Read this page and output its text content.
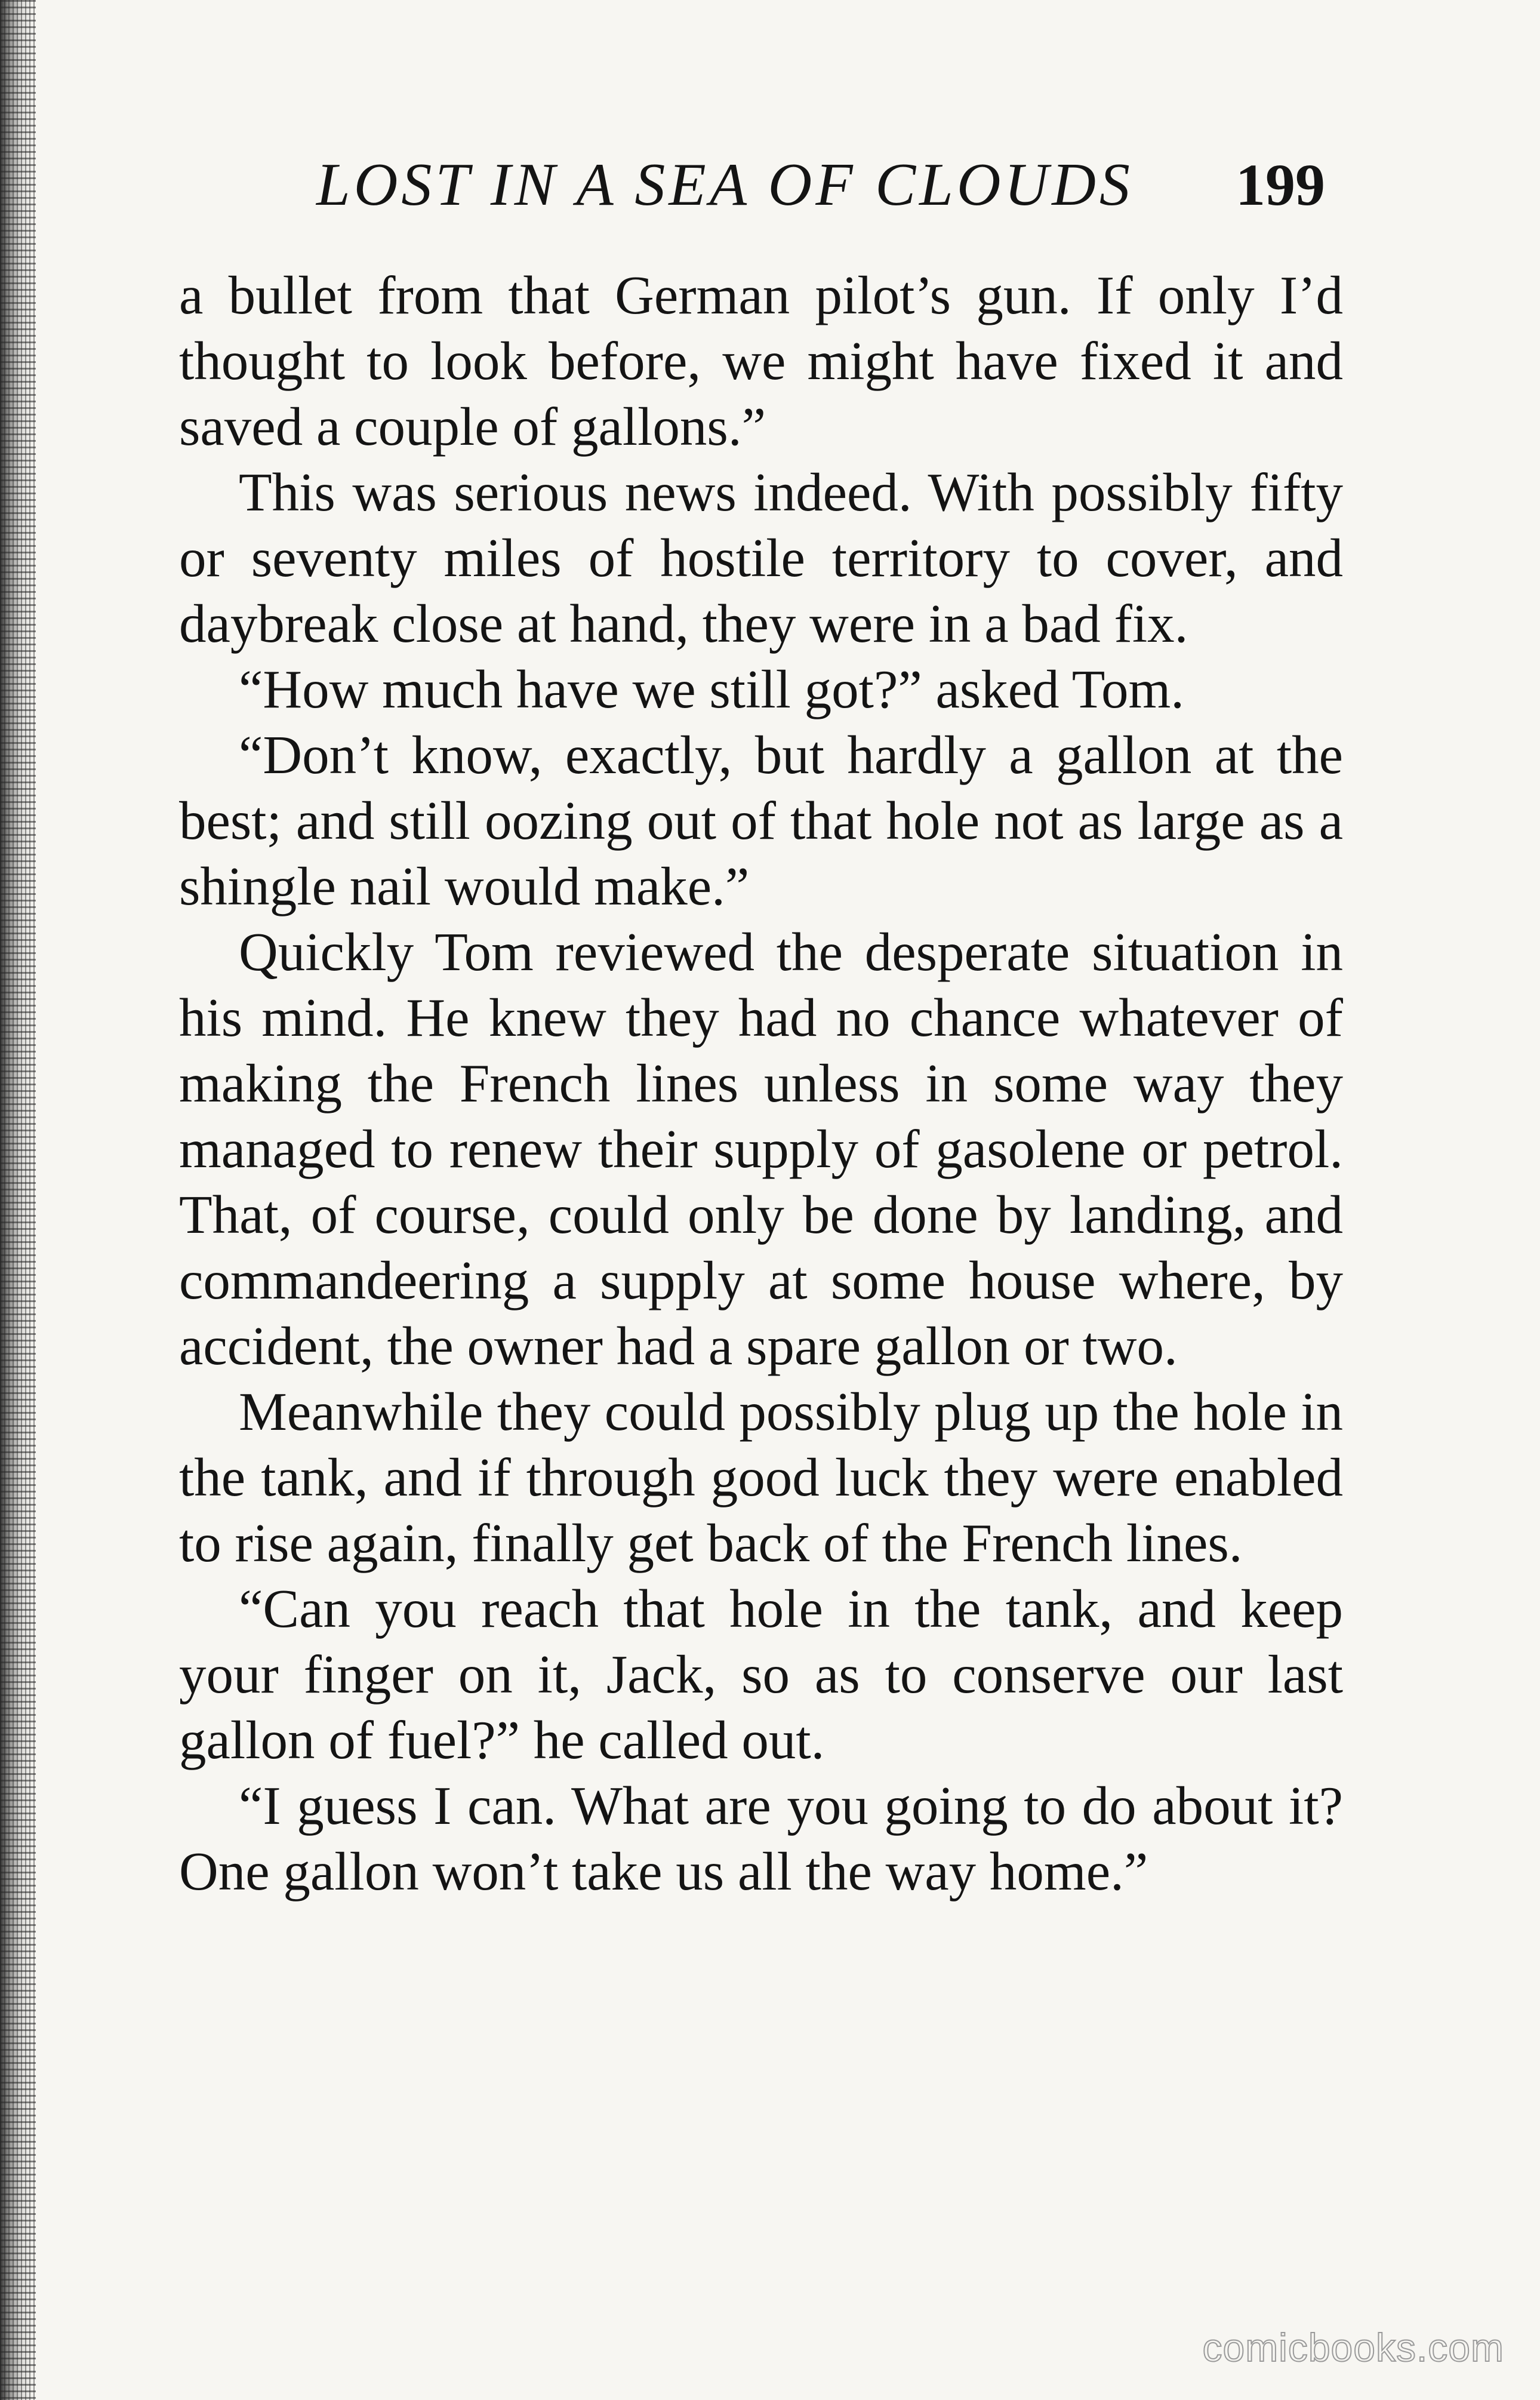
LOST IN A SEA OF CLOUDS 199

a bullet from that German pilot’s gun. If only I’d thought to look before, we might have fixed it and saved a couple of gallons.”

This was serious news indeed. With possibly fifty or seventy miles of hostile territory to cover, and daybreak close at hand, they were in a bad fix.

“How much have we still got?” asked Tom.

“Don’t know, exactly, but hardly a gallon at the best; and still oozing out of that hole not as large as a shingle nail would make.”

Quickly Tom reviewed the desperate situation in his mind. He knew they had no chance whatever of making the French lines unless in some way they managed to renew their supply of gasolene or petrol. That, of course, could only be done by landing, and commandeering a supply at some house where, by accident, the owner had a spare gallon or two.

Meanwhile they could possibly plug up the hole in the tank, and if through good luck they were enabled to rise again, finally get back of the French lines.

“Can you reach that hole in the tank, and keep your finger on it, Jack, so as to conserve our last gallon of fuel?” he called out.

“I guess I can. What are you going to do about it? One gallon won’t take us all the way home.”

comicbooks.com
